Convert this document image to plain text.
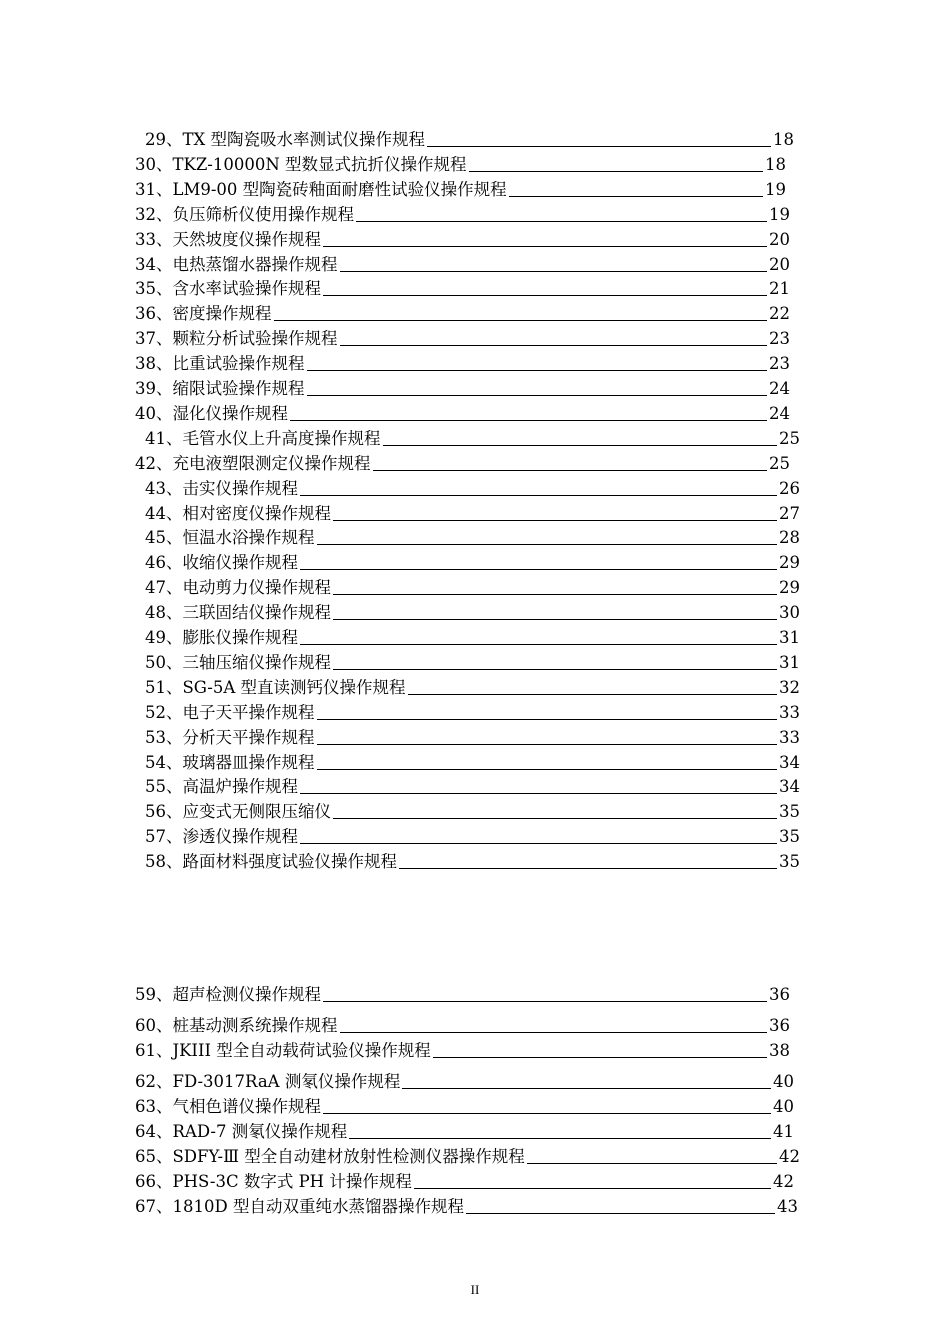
29、TX 型陶瓷吸水率测试仪操作规程	18
30、TKZ-10000N 型数显式抗折仪操作规程	18
31、LM9-00 型陶瓷砖釉面耐磨性试验仪操作规程	19
32、负压筛析仪使用操作规程	19
33、天然坡度仪操作规程	20
34、电热蒸馏水器操作规程	20
35、含水率试验操作规程	21
36、密度操作规程	22
37、颗粒分析试验操作规程	23
38、比重试验操作规程	23
39、缩限试验操作规程	24
40、湿化仪操作规程	24
41、毛管水仪上升高度操作规程	25
42、充电液塑限测定仪操作规程	25
43、击实仪操作规程	26
44、相对密度仪操作规程	27
45、恒温水浴操作规程	28
46、收缩仪操作规程	29
47、电动剪力仪操作规程	29
48、三联固结仪操作规程	30
49、膨胀仪操作规程	31
50、三轴压缩仪操作规程	31
51、SG-5A 型直读测钙仪操作规程	32
52、电子天平操作规程	33
53、分析天平操作规程	33
54、玻璃器皿操作规程	34
55、高温炉操作规程	34
56、应变式无侧限压缩仪	35
57、渗透仪操作规程	35
58、路面材料强度试验仪操作规程	35
59、超声检测仪操作规程	36
60、桩基动测系统操作规程	36
61、JKIII 型全自动载荷试验仪操作规程	38
62、FD-3017RaA 测氡仪操作规程	40
63、气相色谱仪操作规程	40
64、RAD-7 测氡仪操作规程	41
65、SDFY-Ⅲ 型全自动建材放射性检测仪器操作规程	42
66、PHS-3C 数字式 PH 计操作规程	42
67、1810D 型自动双重纯水蒸馏器操作规程	43
II
